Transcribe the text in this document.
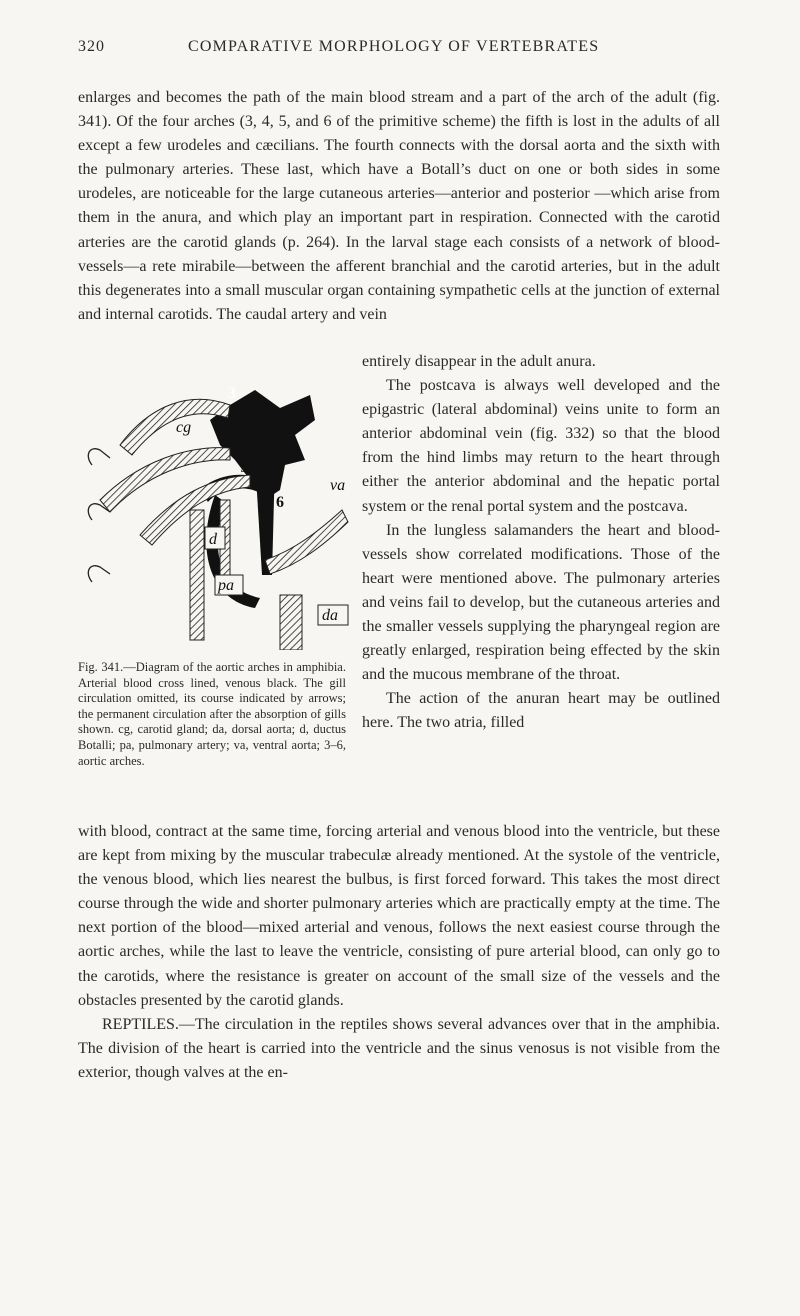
320	COMPARATIVE MORPHOLOGY OF VERTEBRATES

enlarges and becomes the path of the main blood stream and a part of the arch of the adult (fig. 341). Of the four arches (3, 4, 5, and 6 of the primitive scheme) the fifth is lost in the adults of all except a few urodeles and cæcilians. The fourth connects with the dorsal aorta and the sixth with the pulmonary arteries. These last, which have a Botall’s duct on one or both sides in some urodeles, are noticeable for the large cutaneous arteries—anterior and posterior —which arise from them in the anura, and which play an important part in respiration. Connected with the carotid arteries are the carotid glands (p. 264). In the larval stage each consists of a network of blood-vessels—a rete mirabile—between the afferent branchial and the carotid arteries, but in the adult this degenerates into a small muscular organ containing sympathetic cells at the junction of external and internal carotids. The caudal artery and vein

3
4
5
6
cg
va
d
pa
da
Fig. 341.—Diagram of the aortic arches in amphibia. Arterial blood cross lined, venous black. The gill circulation omitted, its course indicated by arrows; the permanent circulation after the absorption of gills shown. cg, carotid gland; da, dorsal aorta; d, ductus Botalli; pa, pulmonary artery; va, ventral aorta; 3–6, aortic arches.

entirely disappear in the adult anura.

The postcava is always well developed and the epigastric (lateral abdominal) veins unite to form an anterior abdominal vein (fig. 332) so that the blood from the hind limbs may return to the heart through either the anterior abdominal and the hepatic portal system or the renal portal system and the postcava.

In the lungless salamanders the heart and blood-vessels show correlated modifications. Those of the heart were mentioned above. The pulmonary arteries and veins fail to develop, but the cutaneous arteries and the smaller vessels supplying the pharyngeal region are greatly enlarged, respiration being effected by the skin and the mucous membrane of the throat.

The action of the anuran heart may be outlined here. The two atria, filled

with blood, contract at the same time, forcing arterial and venous blood into the ventricle, but these are kept from mixing by the muscular trabeculæ already mentioned. At the systole of the ventricle, the venous blood, which lies nearest the bulbus, is first forced forward. This takes the most direct course through the wide and shorter pulmonary arteries which are practically empty at the time. The next portion of the blood—mixed arterial and venous, follows the next easiest course through the aortic arches, while the last to leave the ventricle, consisting of pure arterial blood, can only go to the carotids, where the resistance is greater on account of the small size of the vessels and the obstacles presented by the carotid glands.

REPTILES.—The circulation in the reptiles shows several advances over that in the amphibia. The division of the heart is carried into the ventricle and the sinus venosus is not visible from the exterior, though valves at the en-
